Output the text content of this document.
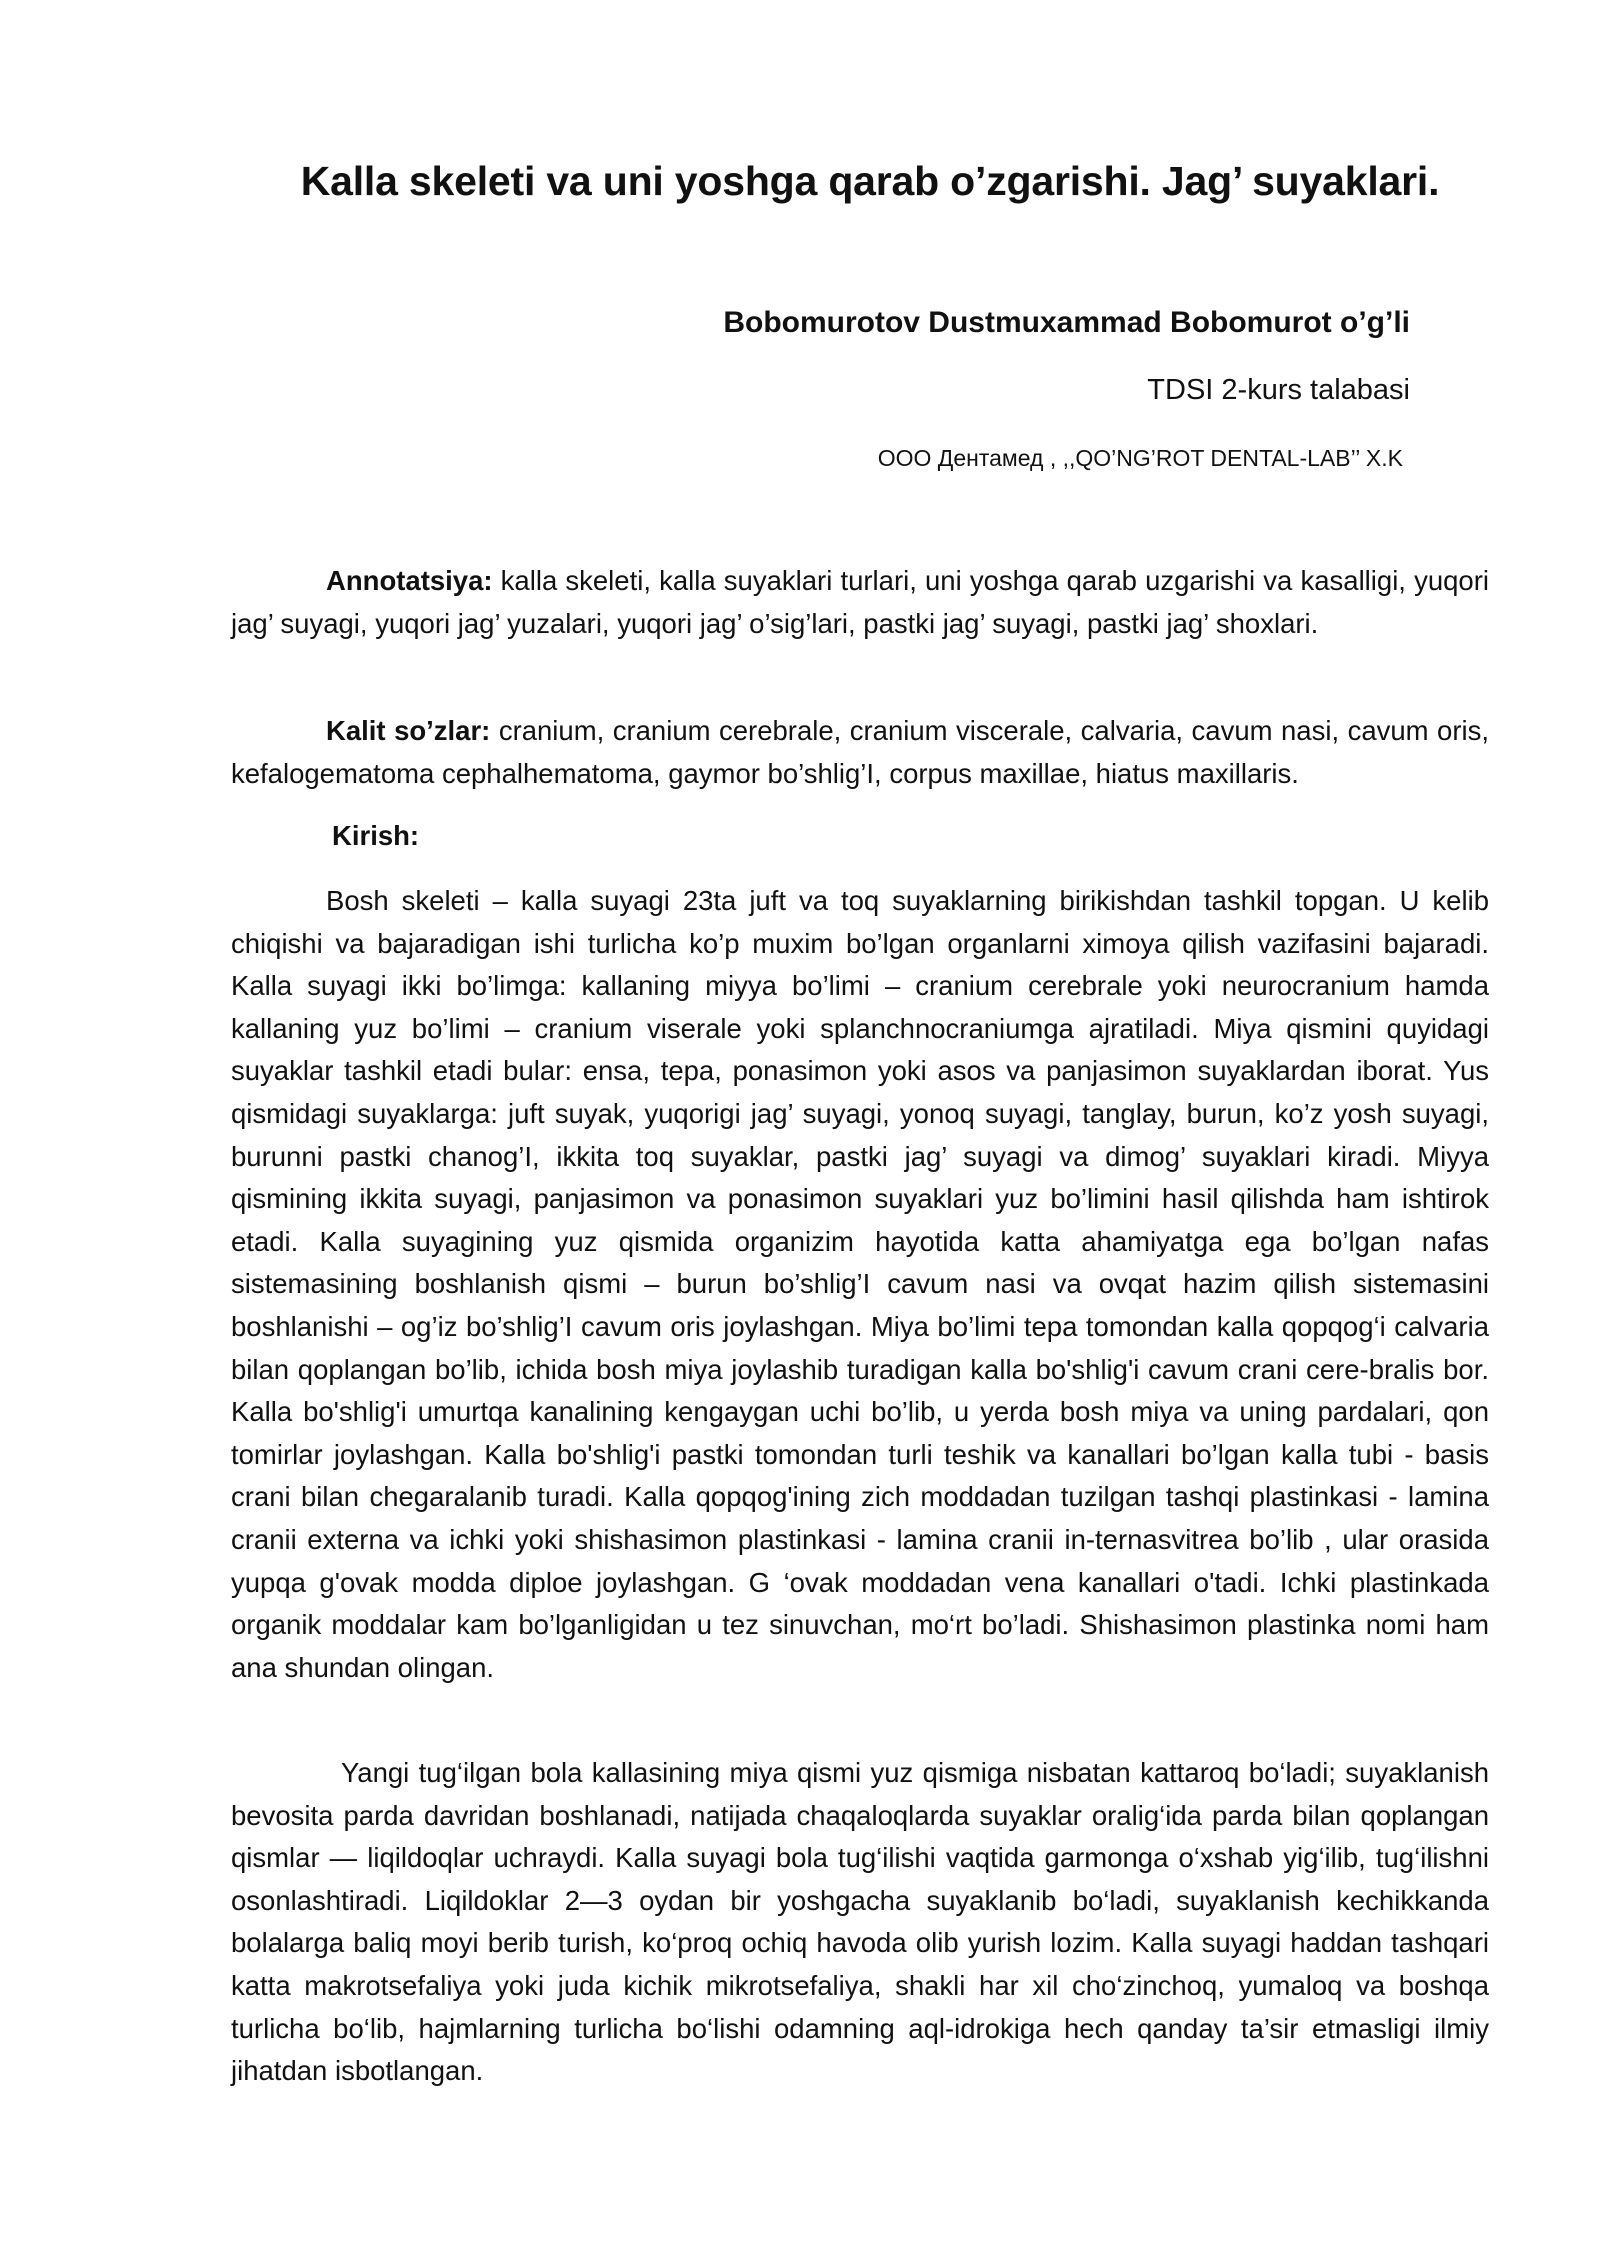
Kalla skeleti va uni yoshga qarab o’zgarishi. Jag’ suyaklari.
Bobomurotov Dustmuxammad Bobomurot o’g’li
TDSI 2-kurs talabasi
ООО Дентамед , ,,QO’NG’ROT DENTAL-LAB’’ X.K

Annotatsiya: kalla skeleti, kalla suyaklari turlari, uni yoshga qarab uzgarishi va kasalligi, yuqori jag’ suyagi, yuqori jag’ yuzalari, yuqori jag’ o’sig’lari, pastki jag’ suyagi, pastki jag’ shoxlari.

Kalit so’zlar: cranium, cranium cerebrale, cranium viscerale, calvaria, cavum nasi, cavum oris, kefalogematoma cephalhematoma, gaymor bo’shlig’I, corpus maxillae, hiatus maxillaris.

Kirish:

Bosh skeleti – kalla suyagi 23ta juft va toq suyaklarning birikishdan tashkil topgan. U kelib chiqishi va bajaradigan ishi turlicha ko’p muxim bo’lgan organlarni ximoya qilish vazifasini bajaradi. Kalla suyagi ikki bo’limga: kallaning miyya bo’limi – cranium cerebrale yoki neurocranium hamda kallaning yuz bo’limi – cranium viserale yoki splanchnocraniumga ajratiladi. Miya qismini quyidagi suyaklar tashkil etadi bular: ensa, tepa, ponasimon yoki asos va panjasimon suyaklardan iborat. Yus qismidagi suyaklarga: juft suyak, yuqorigi jag’ suyagi, yonoq suyagi, tanglay, burun, ko’z yosh suyagi, burunni pastki chanog’I, ikkita toq suyaklar, pastki jag’ suyagi va dimog’ suyaklari kiradi. Miyya qismining ikkita suyagi, panjasimon va ponasimon suyaklari yuz bo’limini hasil qilishda ham ishtirok etadi. Kalla suyagining yuz qismida organizim hayotida katta ahamiyatga ega bo’lgan nafas sistemasining boshlanish qismi – burun bo’shlig’I cavum nasi va ovqat hazim qilish sistemasini boshlanishi – og’iz bo’shlig’I cavum oris joylashgan. Miya bo’limi tepa tomondan kalla qopqog‘i calvaria bilan qoplangan bo’lib, ichida bosh miya joylashib turadigan kalla bo'shlig'i cavum crani cere-bralis bor. Kalla bo'shlig'i umurtqa kanalining kengaygan uchi bo’lib, u yerda bosh miya va uning pardalari, qon tomirlar joylashgan. Kalla bo'shlig'i pastki tomondan turli teshik va kanallari bo’lgan kalla tubi - basis crani bilan chegaralanib turadi. Kalla qopqog'ining zich moddadan tuzilgan tashqi plastinkasi - lamina cranii externa va ichki yoki shishasimon plastinkasi - lamina cranii in-ternasvitrea bo’lib , ular orasida yupqa g'ovak modda diploe joylashgan. G ‘ovak moddadan vena kanallari o'tadi. Ichki plastinkada organik moddalar kam bo’lganligidan u tez sinuvchan, mo‘rt bo’ladi. Shishasimon plastinka nomi ham ana shundan olingan.

Yangi tug‘ilgan bola kallasining miya qismi yuz qismiga nisbatan kattaroq bo‘ladi; suyaklanish bevosita parda davridan boshlanadi, natijada chaqaloqlarda suyaklar oralig‘ida parda bilan qoplangan qismlar — liqildoqlar uchraydi. Kalla suyagi bola tug‘ilishi vaqtida garmonga o‘xshab yig‘ilib, tug‘ilishni osonlashtiradi. Liqildoklar 2—3 oydan bir yoshgacha suyaklanib bo‘ladi, suyaklanish kechikkanda bolalarga baliq moyi berib turish, ko‘proq ochiq havoda olib yurish lozim. Kalla suyagi haddan tashqari katta makrotsefaliya yoki juda kichik mikrotsefaliya, shakli har xil cho‘zinchoq, yumaloq va boshqa turlicha bo‘lib, hajmlarning turlicha bo‘lishi odamning aql-idrokiga hech qanday ta’sir etmasligi ilmiy jihatdan isbotlangan.
